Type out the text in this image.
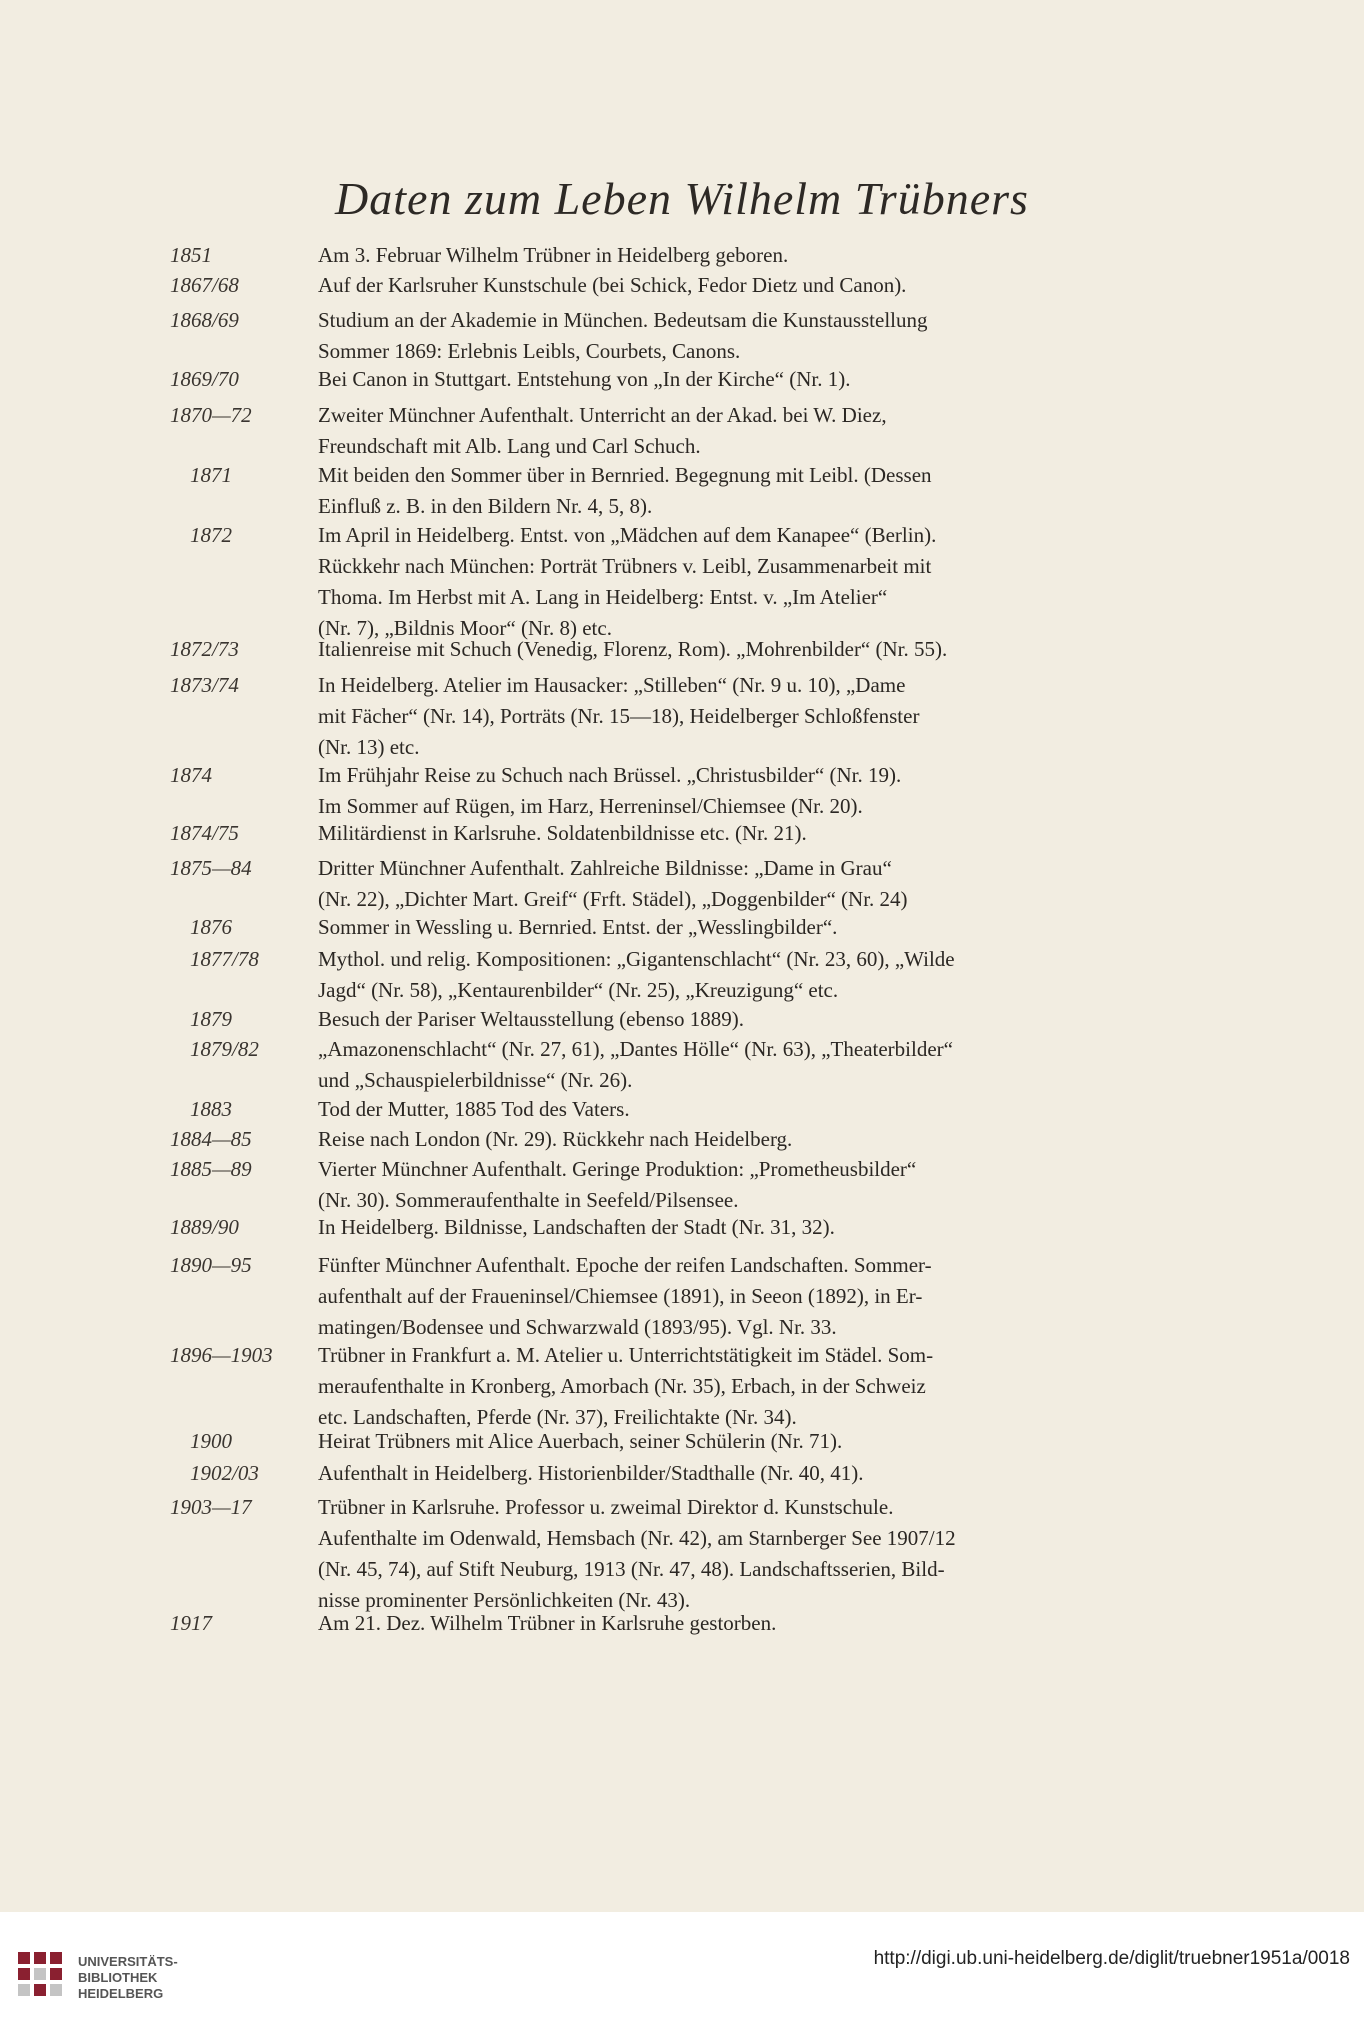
Daten zum Leben Wilhelm Trübners
1851	Am 3. Februar Wilhelm Trübner in Heidelberg geboren.
1867/68	Auf der Karlsruher Kunstschule (bei Schick, Fedor Dietz und Canon).
1868/69	Studium an der Akademie in München. Bedeutsam die Kunstausstellung
Sommer 1869: Erlebnis Leibls, Courbets, Canons.
1869/70	Bei Canon in Stuttgart. Entstehung von „In der Kirche“ (Nr. 1).
1870—72	Zweiter Münchner Aufenthalt. Unterricht an der Akad. bei W. Diez,
Freundschaft mit Alb. Lang und Carl Schuch.
1871	Mit beiden den Sommer über in Bernried. Begegnung mit Leibl. (Dessen
Einfluß z. B. in den Bildern Nr. 4, 5, 8).
1872	Im April in Heidelberg. Entst. von „Mädchen auf dem Kanapee“ (Berlin).
Rückkehr nach München: Porträt Trübners v. Leibl, Zusammenarbeit mit
Thoma. Im Herbst mit A. Lang in Heidelberg: Entst. v. „Im Atelier“
(Nr. 7), „Bildnis Moor“ (Nr. 8) etc.
1872/73	Italienreise mit Schuch (Venedig, Florenz, Rom). „Mohrenbilder“ (Nr. 55).
1873/74	In Heidelberg. Atelier im Hausacker: „Stilleben“ (Nr. 9 u. 10), „Dame
mit Fächer“ (Nr. 14), Porträts (Nr. 15—18), Heidelberger Schloßfenster
(Nr. 13) etc.
1874	Im Frühjahr Reise zu Schuch nach Brüssel. „Christusbilder“ (Nr. 19).
Im Sommer auf Rügen, im Harz, Herreninsel/Chiemsee (Nr. 20).
1874/75	Militärdienst in Karlsruhe. Soldatenbildnisse etc. (Nr. 21).
1875—84	Dritter Münchner Aufenthalt. Zahlreiche Bildnisse: „Dame in Grau“
(Nr. 22), „Dichter Mart. Greif“ (Frft. Städel), „Doggenbilder“ (Nr. 24)
1876	Sommer in Wessling u. Bernried. Entst. der „Wesslingbilder“.
1877/78	Mythol. und relig. Kompositionen: „Gigantenschlacht“ (Nr. 23, 60), „Wilde
Jagd“ (Nr. 58), „Kentaurenbilder“ (Nr. 25), „Kreuzigung“ etc.
1879	Besuch der Pariser Weltausstellung (ebenso 1889).
1879/82	„Amazonenschlacht“ (Nr. 27, 61), „Dantes Hölle“ (Nr. 63), „Theaterbilder“
und „Schauspielerbildnisse“ (Nr. 26).
1883	Tod der Mutter, 1885 Tod des Vaters.
1884—85	Reise nach London (Nr. 29). Rückkehr nach Heidelberg.
1885—89	Vierter Münchner Aufenthalt. Geringe Produktion: „Prometheusbilder“
(Nr. 30). Sommeraufenthalte in Seefeld/Pilsensee.
1889/90	In Heidelberg. Bildnisse, Landschaften der Stadt (Nr. 31, 32).
1890—95	Fünfter Münchner Aufenthalt. Epoche der reifen Landschaften. Sommer-
aufenthalt auf der Fraueninsel/Chiemsee (1891), in Seeon (1892), in Er-
matingen/Bodensee und Schwarzwald (1893/95). Vgl. Nr. 33.
1896—1903 Trübner in Frankfurt a. M. Atelier u. Unterrichtstätigkeit im Städel. Som-
meraufenthalte in Kronberg, Amorbach (Nr. 35), Erbach, in der Schweiz
etc. Landschaften, Pferde (Nr. 37), Freilichtakte (Nr. 34).
1900	Heirat Trübners mit Alice Auerbach, seiner Schülerin (Nr. 71).
1902/03	Aufenthalt in Heidelberg. Historienbilder/Stadthalle (Nr. 40, 41).
1903—17	Trübner in Karlsruhe. Professor u. zweimal Direktor d. Kunstschule.
Aufenthalte im Odenwald, Hemsbach (Nr. 42), am Starnberger See 1907/12
(Nr. 45, 74), auf Stift Neuburg, 1913 (Nr. 47, 48). Landschaftsserien, Bild-
nisse prominenter Persönlichkeiten (Nr. 43).
1917	Am 21. Dez. Wilhelm Trübner in Karlsruhe gestorben.
UNIVERSITÄTS-
BIBLIOTHEK
HEIDELBERG
http://digi.ub.uni-heidelberg.de/diglit/truebner1951a/0018
